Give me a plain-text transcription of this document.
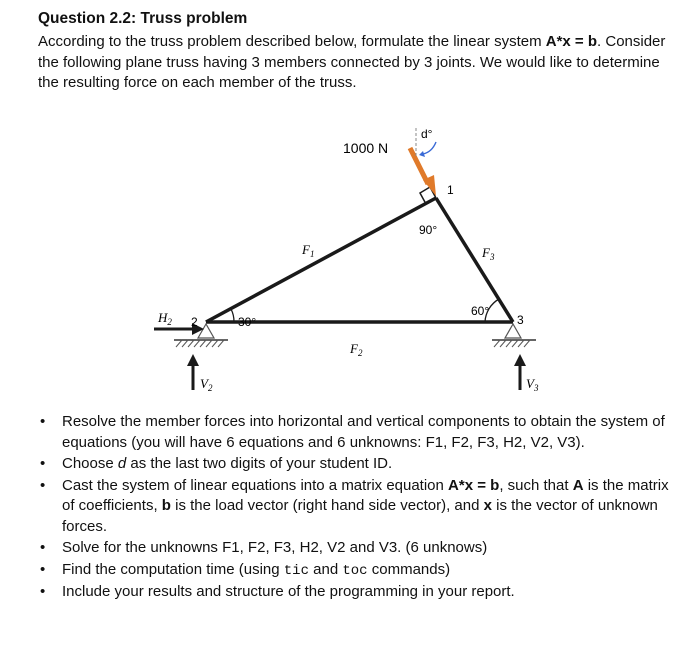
Question 2.2: Truss problem
According to the truss problem described below, formulate the linear system A*x = b. Consider the following plane truss having 3 members connected by 3 joints. We would like to determine the resulting force on each member of the truss.
1000 N
d°
1
90°
30°
60°
3
2
$H_2$
$F_1$
$F_2$
$F_3$
$V_2$	$V_3$
• Resolve the member forces into horizontal and vertical components to obtain the system of equations (you will have 6 equations and 6 unknowns: F1, F2, F3, H2, V2, V3).
• Choose d as the last two digits of your student ID.
• Cast the system of linear equations into a matrix equation A*x = b, such that A is the matrix of coefficients, b is the load vector (right hand side vector), and x is the vector of unknown forces.
• Solve for the unknowns F1, F2, F3, H2, V2 and V3. (6 unknows)
• Find the computation time (using tic and toc commands)
• Include your results and structure of the programming in your report.
